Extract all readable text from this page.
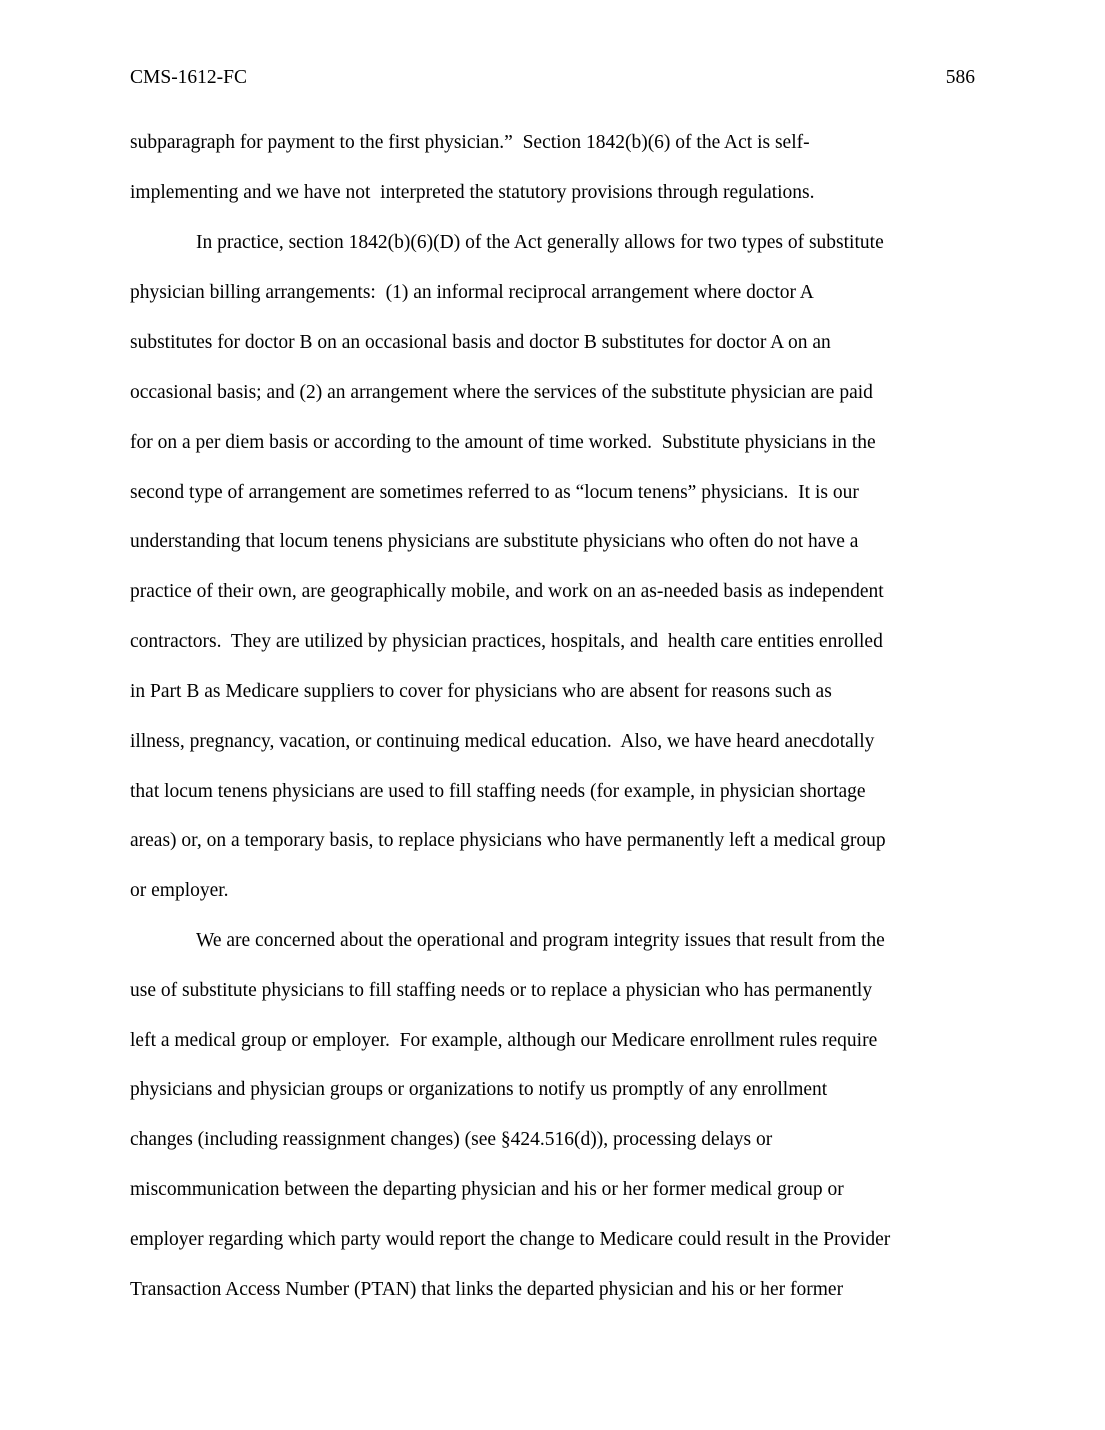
CMS-1612-FC	586
subparagraph for payment to the first physician.”  Section 1842(b)(6) of the Act is self-
implementing and we have not  interpreted the statutory provisions through regulations.
In practice, section 1842(b)(6)(D) of the Act generally allows for two types of substitute
physician billing arrangements:  (1) an informal reciprocal arrangement where doctor A
substitutes for doctor B on an occasional basis and doctor B substitutes for doctor A on an
occasional basis; and (2) an arrangement where the services of the substitute physician are paid
for on a per diem basis or according to the amount of time worked.  Substitute physicians in the
second type of arrangement are sometimes referred to as “locum tenens” physicians.  It is our
understanding that locum tenens physicians are substitute physicians who often do not have a
practice of their own, are geographically mobile, and work on an as-needed basis as independent
contractors.  They are utilized by physician practices, hospitals, and  health care entities enrolled
in Part B as Medicare suppliers to cover for physicians who are absent for reasons such as
illness, pregnancy, vacation, or continuing medical education.  Also, we have heard anecdotally
that locum tenens physicians are used to fill staffing needs (for example, in physician shortage
areas) or, on a temporary basis, to replace physicians who have permanently left a medical group
or employer.
We are concerned about the operational and program integrity issues that result from the
use of substitute physicians to fill staffing needs or to replace a physician who has permanently
left a medical group or employer.  For example, although our Medicare enrollment rules require
physicians and physician groups or organizations to notify us promptly of any enrollment
changes (including reassignment changes) (see §424.516(d)), processing delays or
miscommunication between the departing physician and his or her former medical group or
employer regarding which party would report the change to Medicare could result in the Provider
Transaction Access Number (PTAN) that links the departed physician and his or her former
